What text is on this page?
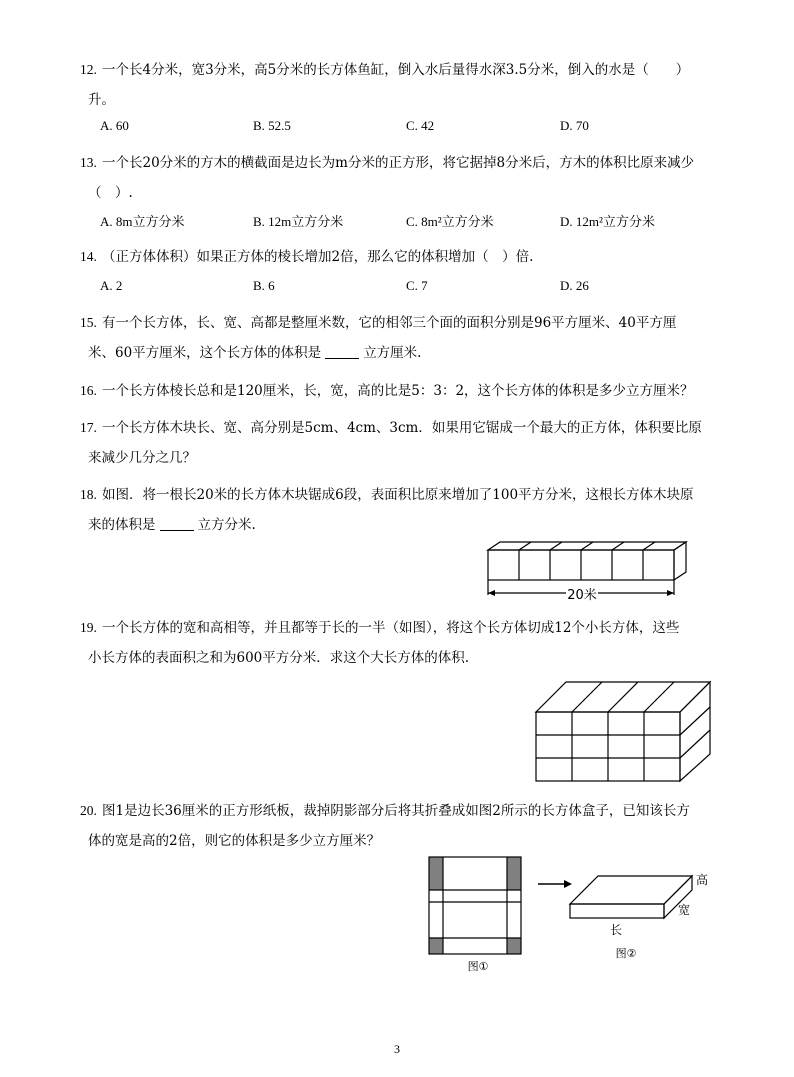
12. 一个长4分米，宽3分米，高5分米的长方体鱼缸，倒入水后量得水深3.5分米，倒入的水是（　　）
升。
A. 60	B. 52.5	C. 42	D. 70
13. 一个长20分米的方木的横截面是边长为m分米的正方形，将它据掉8分米后，方木的体积比原来减少
（　）.
A. 8m立方分米	B. 12m立方分米	C. 8m²立方分米	D. 12m²立方分米
14. （正方体体积）如果正方体的棱长增加2倍，那么它的体积增加（　）倍.
A. 2	B. 6	C. 7	D. 26
15. 有一个长方体，长、宽、高都是整厘米数，它的相邻三个面的面积分别是96平方厘米、40平方厘
米、60平方厘米，这个长方体的体积是	立方厘米.
16. 一个长方体棱长总和是120厘米，长，宽，高的比是5：3：2，这个长方体的体积是多少立方厘米？
17. 一个长方体木块长、宽、高分别是5cm、4cm、3cm．如果用它锯成一个最大的正方体，体积要比原
来减少几分之几？
18. 如图．将一根长20米的长方体木块锯成6段，表面积比原来增加了100平方分米，这根长方体木块原
来的体积是	立方分米.
20米
19. 一个长方体的宽和高相等，并且都等于长的一半（如图），将这个长方体切成12个小长方体，这些
小长方体的表面积之和为600平方分米．求这个大长方体的体积.
20. 图1是边长36厘米的正方形纸板，裁掉阴影部分后将其折叠成如图2所示的长方体盒子，已知该长方
体的宽是高的2倍，则它的体积是多少立方厘米？
图①
高
宽
长
图②
3
